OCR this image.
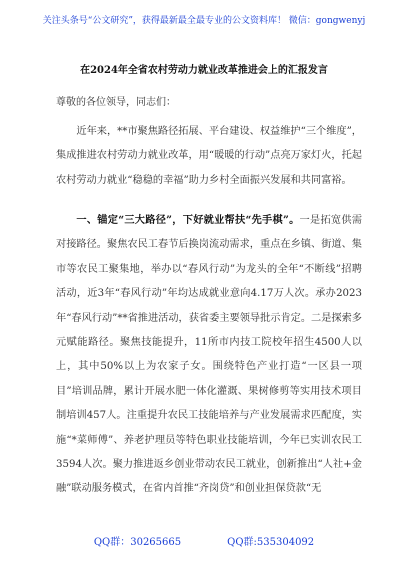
关注头条号“公文研究”，获得最新最全最专业的公文资料库！ 微信：gongwenyj
在2024年全省农村劳动力就业改革推进会上的汇报发言
尊敬的各位领导，同志们：

近年来，**市聚焦路径拓展、平台建设、权益维护“三个维度”，集成推进农村劳动力就业改革，用“暖暖的行动”点亮万家灯火，托起农村劳动力就业“稳稳的幸福”助力乡村全面振兴发展和共同富裕。

一、锚定“三大路径”，下好就业帮扶“先手棋”。一是拓宽供需对接路径。聚焦农民工春节后换岗流动需求，重点在乡镇、街道、集市等农民工聚集地，举办以“春风行动”为龙头的全年“不断线”招聘活动，近3年“春风行动”年均达成就业意向4.17万人次。承办2023年“春风行动”**省推进活动，获省委主要领导批示肯定。二是探索多元赋能路径。聚焦技能提升，11所市内技工院校年招生4500人以上，其中50%以上为农家子女。围绕特色产业打造“一区县一项目”培训品牌，累计开展水肥一体化灌溉、果树修剪等实用技术项目制培训457人。注重提升农民工技能培养与产业发展需求匹配度，实施“*菜师傅”、养老护理员等特色职业技能培训，今年已实训农民工3594人次。聚力推进返乡创业带动农民工就业，创新推出“人社+金融”联动服务模式，在省内首推“齐岗贷”和创业担保贷款“无

QQ群：30265665	QQ群:535304092
